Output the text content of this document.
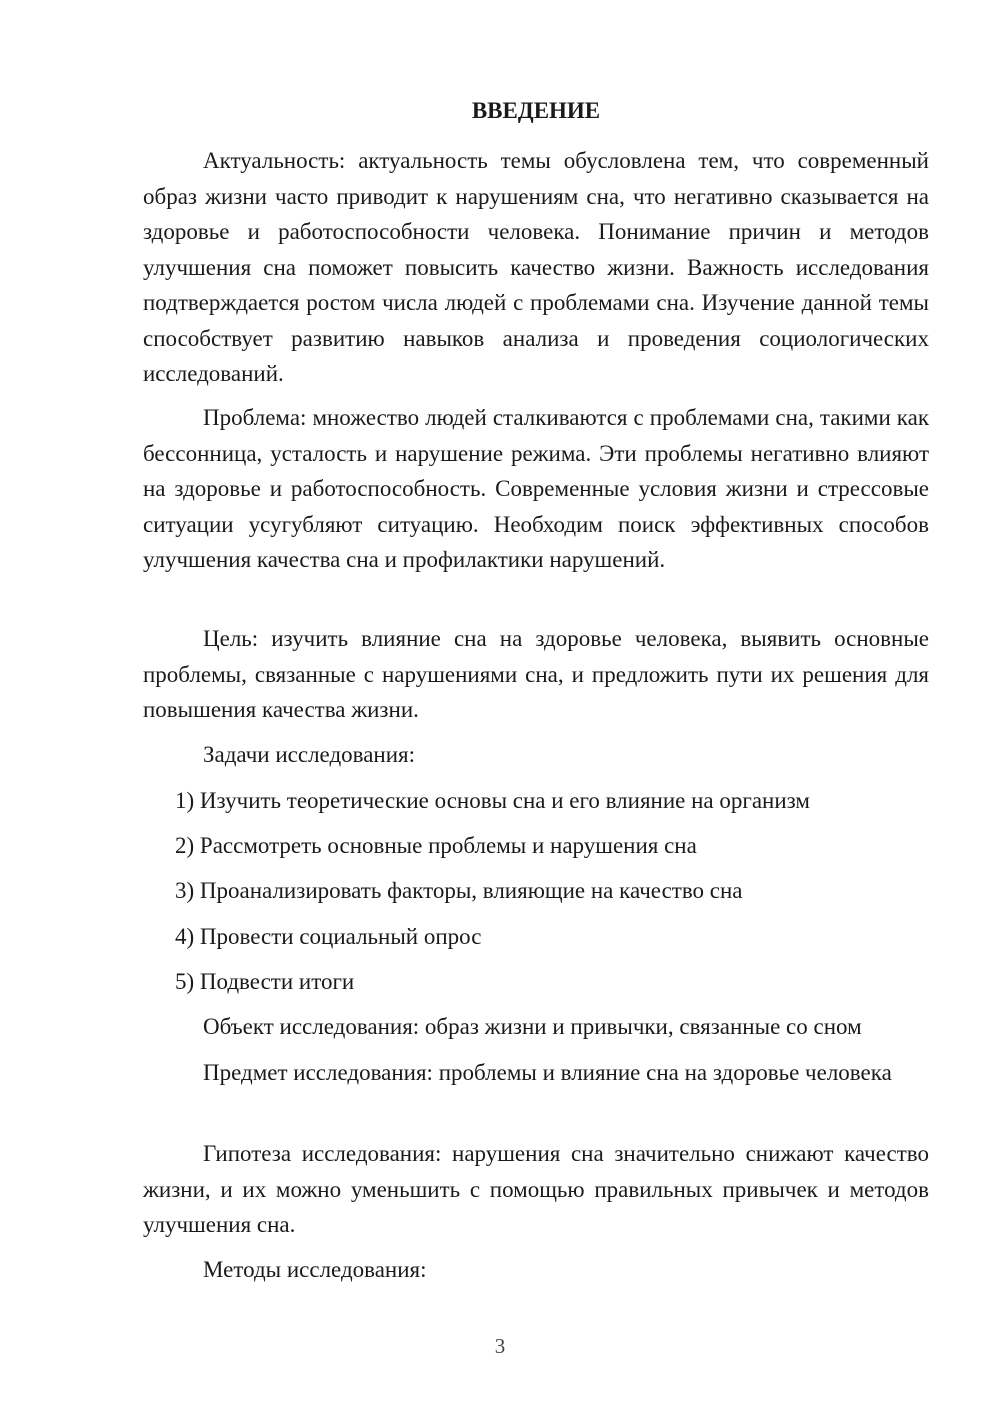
ВВЕДЕНИЕ

Актуальность: актуальность темы обусловлена тем, что современный образ жизни часто приводит к нарушениям сна, что негативно сказывается на здоровье и работоспособности человека. Понимание причин и методов улучшения сна поможет повысить качество жизни. Важность исследования подтверждается ростом числа людей с проблемами сна. Изучение данной темы способствует развитию навыков анализа и проведения социологических исследований.

Проблема: множество людей сталкиваются с проблемами сна, такими как бессонница, усталость и нарушение режима. Эти проблемы негативно влияют на здоровье и работоспособность. Современные условия жизни и стрессовые ситуации усугубляют ситуацию. Необходим поиск эффективных способов улучшения качества сна и профилактики нарушений.

Цель: изучить влияние сна на здоровье человека, выявить основные проблемы, связанные с нарушениями сна, и предложить пути их решения для повышения качества жизни.

Задачи исследования:

1) Изучить теоретические основы сна и его влияние на организм

2) Рассмотреть основные проблемы и нарушения сна

3) Проанализировать факторы, влияющие на качество сна

4) Провести социальный опрос

5) Подвести итоги

Объект исследования: образ жизни и привычки, связанные со сном

Предмет исследования: проблемы и влияние сна на здоровье человека

Гипотеза исследования: нарушения сна значительно снижают качество жизни, и их можно уменьшить с помощью правильных привычек и методов улучшения сна.

Методы исследования:

3
